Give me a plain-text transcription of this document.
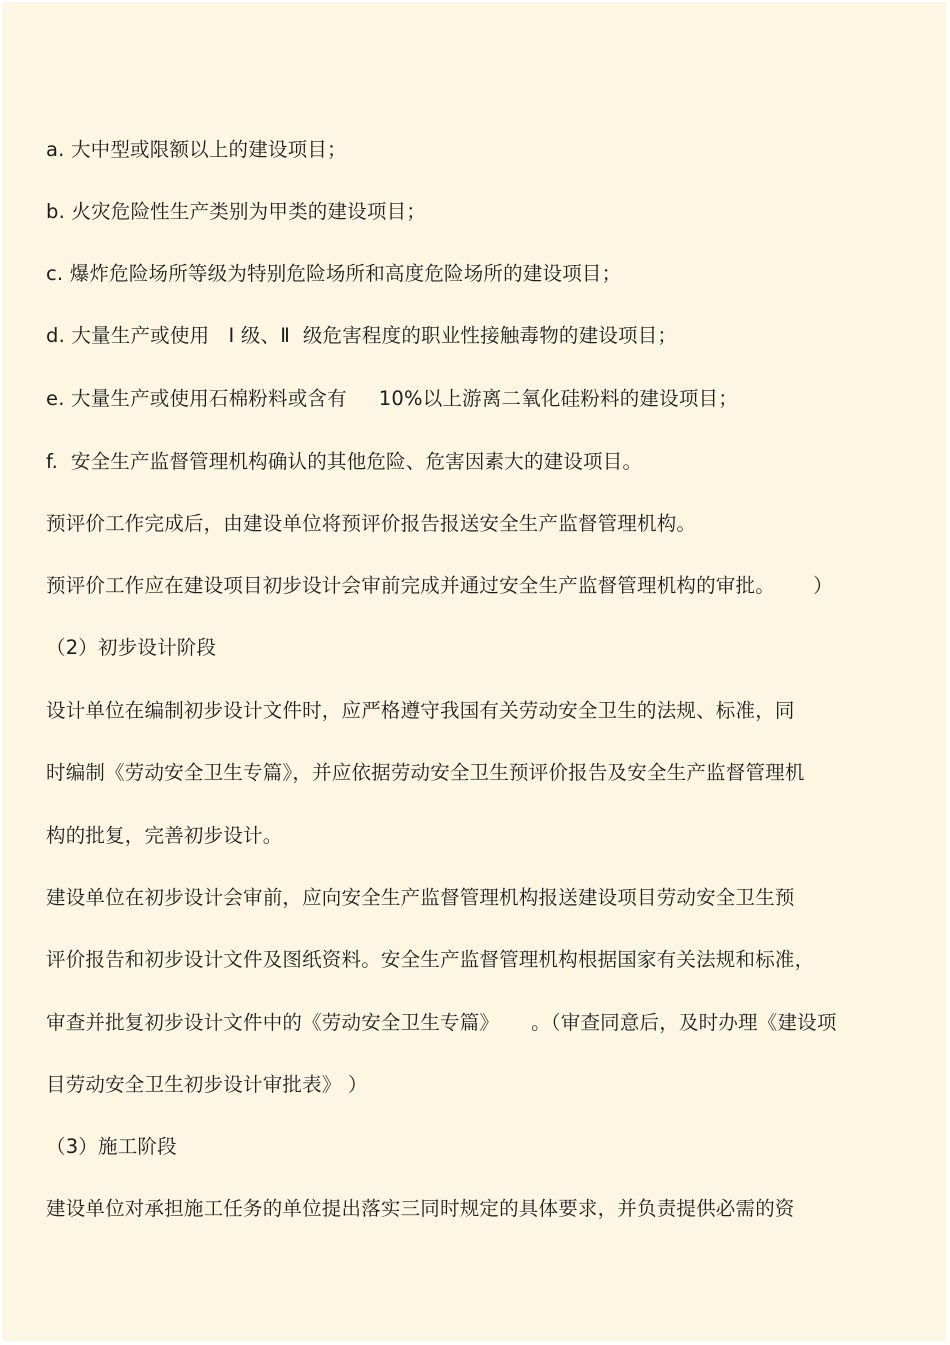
a. 大中型或限额以上的建设项目；

b. 火灾危险性生产类别为甲类的建设项目；

c. 爆炸危险场所等级为特别危险场所和高度危险场所的建设项目；

d. 大量生产或使用   Ⅰ 级、Ⅱ  级危害程度的职业性接触毒物的建设项目；

e. 大量生产或使用石棉粉料或含有     10%以上游离二氧化硅粉料的建设项目；

f.  安全生产监督管理机构确认的其他危险、危害因素大的建设项目。

预评价工作完成后，由建设单位将预评价报告报送安全生产监督管理机构。

预评价工作应在建设项目初步设计会审前完成并通过安全生产监督管理机构的审批。      ）

（2）初步设计阶段

设计单位在编制初步设计文件时，应严格遵守我国有关劳动安全卫生的法规、标准，同

时编制《劳动安全卫生专篇》，并应依据劳动安全卫生预评价报告及安全生产监督管理机

构的批复，完善初步设计。

建设单位在初步设计会审前，应向安全生产监督管理机构报送建设项目劳动安全卫生预

评价报告和初步设计文件及图纸资料。安全生产监督管理机构根据国家有关法规和标准，

审查并批复初步设计文件中的《劳动安全卫生专篇》     。（审查同意后，及时办理《建设项

目劳动安全卫生初步设计审批表》 ）

（3）施工阶段

建设单位对承担施工任务的单位提出落实三同时规定的具体要求，并负责提供必需的资
